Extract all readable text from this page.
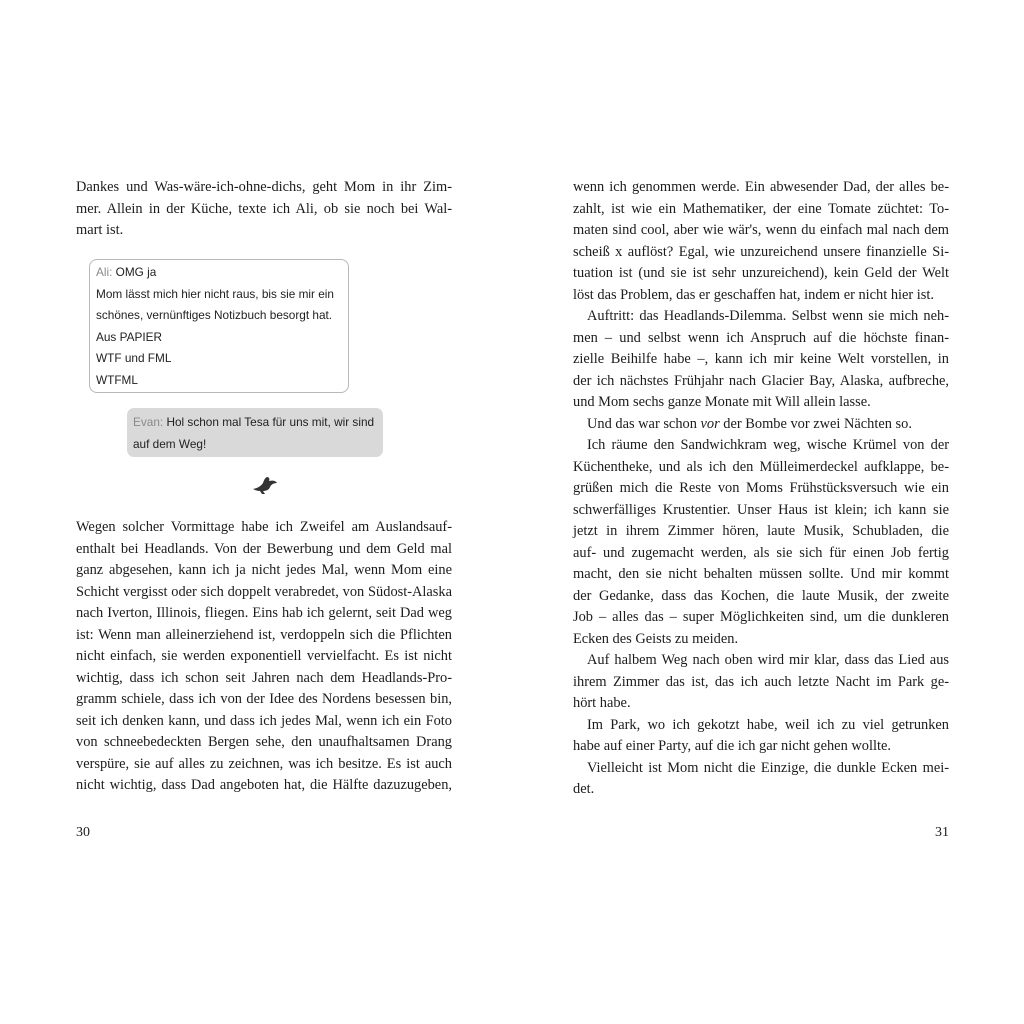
Dankes und Was-wäre-ich-ohne-dichs, geht Mom in ihr Zim-
mer. Allein in der Küche, texte ich Ali, ob sie noch bei Wal-
mart ist.
Ali: OMG ja
Mom lässt mich hier nicht raus, bis sie mir ein
schönes, vernünftiges Notizbuch besorgt hat.
Aus PAPIER
WTF und FML
WTFML
Evan: Hol schon mal Tesa für uns mit, wir sind
auf dem Weg!
Wegen solcher Vormittage habe ich Zweifel am Auslandsauf-
enthalt bei Headlands. Von der Bewerbung und dem Geld mal
ganz abgesehen, kann ich ja nicht jedes Mal, wenn Mom eine
Schicht vergisst oder sich doppelt verabredet, von Südost-Alaska
nach Iverton, Illinois, fliegen. Eins hab ich gelernt, seit Dad weg
ist: Wenn man alleinerziehend ist, verdoppeln sich die Pflichten
nicht einfach, sie werden exponentiell vervielfacht. Es ist nicht
wichtig, dass ich schon seit Jahren nach dem Headlands-Pro-
gramm schiele, dass ich von der Idee des Nordens besessen bin,
seit ich denken kann, und dass ich jedes Mal, wenn ich ein Foto
von schneebedeckten Bergen sehe, den unaufhaltsamen Drang
verspüre, sie auf alles zu zeichnen, was ich besitze. Es ist auch
nicht wichtig, dass Dad angeboten hat, die Hälfte dazuzugeben,
30
wenn ich genommen werde. Ein abwesender Dad, der alles be-
zahlt, ist wie ein Mathematiker, der eine Tomate züchtet: To-
maten sind cool, aber wie wär's, wenn du einfach mal nach dem
scheiß x auflöst? Egal, wie unzureichend unsere finanzielle Si-
tuation ist (und sie ist sehr unzureichend), kein Geld der Welt
löst das Problem, das er geschaffen hat, indem er nicht hier ist.
Auftritt: das Headlands-Dilemma. Selbst wenn sie mich neh-
men – und selbst wenn ich Anspruch auf die höchste finan-
zielle Beihilfe habe –, kann ich mir keine Welt vorstellen, in
der ich nächstes Frühjahr nach Glacier Bay, Alaska, aufbreche,
und Mom sechs ganze Monate mit Will allein lasse.
Und das war schon vor der Bombe vor zwei Nächten so.
Ich räume den Sandwichkram weg, wische Krümel von der
Küchentheke, und als ich den Mülleimerdeckel aufklappe, be-
grüßen mich die Reste von Moms Frühstücksversuch wie ein
schwerfälliges Krustentier. Unser Haus ist klein; ich kann sie
jetzt in ihrem Zimmer hören, laute Musik, Schubladen, die
auf- und zugemacht werden, als sie sich für einen Job fertig
macht, den sie nicht behalten müssen sollte. Und mir kommt
der Gedanke, dass das Kochen, die laute Musik, der zweite
Job – alles das – super Möglichkeiten sind, um die dunkleren
Ecken des Geists zu meiden.
Auf halbem Weg nach oben wird mir klar, dass das Lied aus
ihrem Zimmer das ist, das ich auch letzte Nacht im Park ge-
hört habe.
Im Park, wo ich gekotzt habe, weil ich zu viel getrunken
habe auf einer Party, auf die ich gar nicht gehen wollte.
Vielleicht ist Mom nicht die Einzige, die dunkle Ecken mei-
det.
31
